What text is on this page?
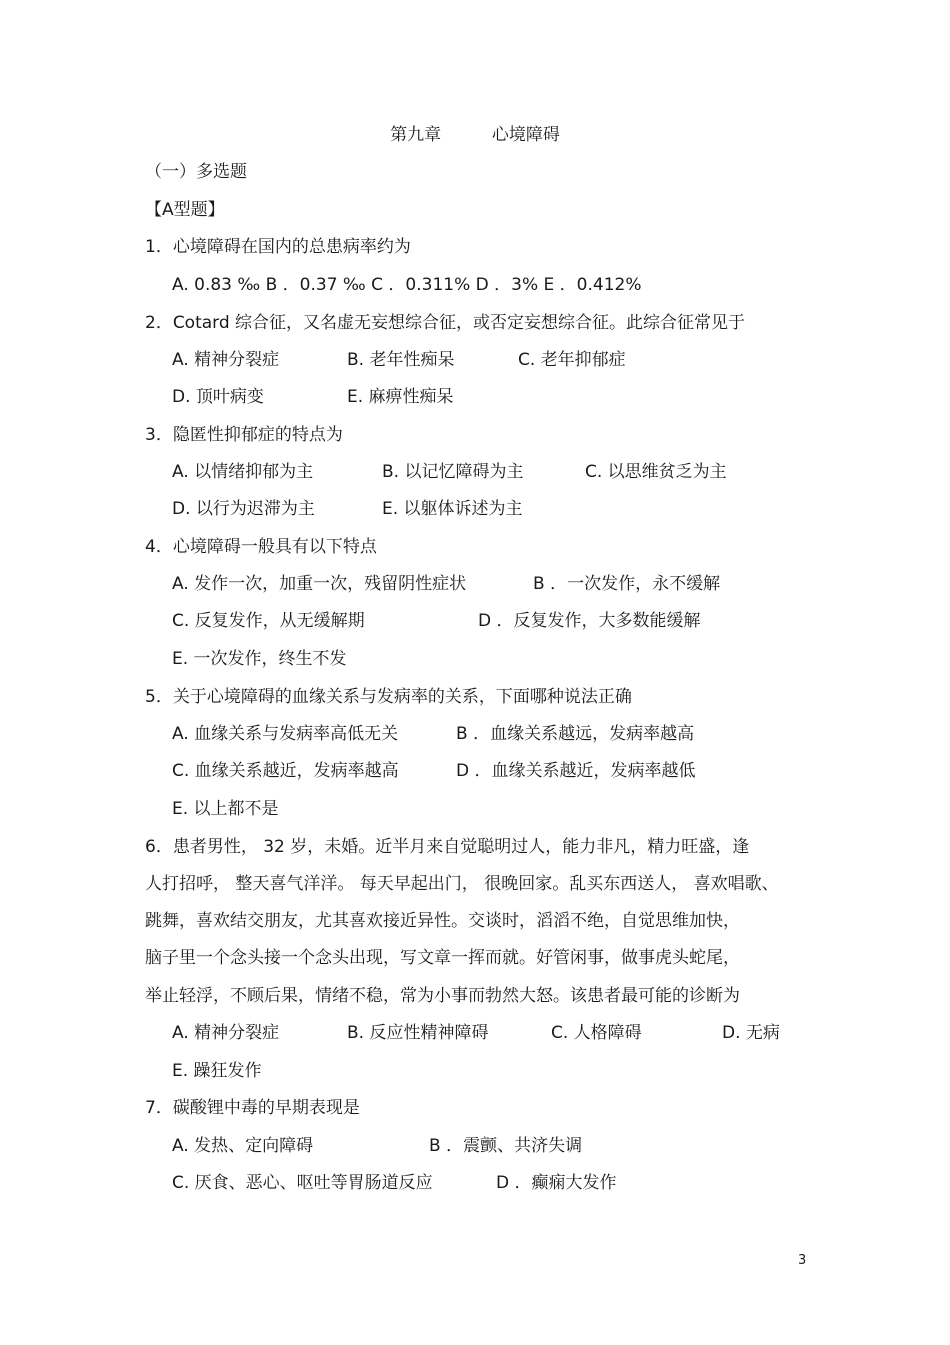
第九章	心境障碍
（一）多选题
【A型题】
1．心境障碍在国内的总患病率约为
A. 0.83 ‰ B ．0.37 ‰ C ．0.311% D ．3% E ．0.412%
2．Cotard 综合征，又名虚无妄想综合征，或否定妄想综合征。此综合征常见于
A. 精神分裂症	B. 老年性痴呆	C. 老年抑郁症
D. 顶叶病变	E. 麻痹性痴呆
3．隐匿性抑郁症的特点为
A. 以情绪抑郁为主	B. 以记忆障碍为主	C. 以思维贫乏为主
D. 以行为迟滞为主	E. 以躯体诉述为主
4．心境障碍一般具有以下特点
A. 发作一次，加重一次，残留阴性症状	B ．一次发作，永不缓解
C. 反复发作，从无缓解期	D ．反复发作，大多数能缓解
E. 一次发作，终生不发
5．关于心境障碍的血缘关系与发病率的关系，下面哪种说法正确
A. 血缘关系与发病率高低无关	B ．血缘关系越远，发病率越高
C. 血缘关系越近，发病率越高	D ．血缘关系越近，发病率越低
E. 以上都不是
6．患者男性， 32 岁，未婚。近半月来自觉聪明过人，能力非凡，精力旺盛，逢
人打招呼， 整天喜气洋洋。 每天早起出门， 很晚回家。乱买东西送人， 喜欢唱歌、
跳舞，喜欢结交朋友，尤其喜欢接近异性。交谈时，滔滔不绝，自觉思维加快，
脑子里一个念头接一个念头出现，写文章一挥而就。好管闲事，做事虎头蛇尾，
举止轻浮，不顾后果，情绪不稳，常为小事而勃然大怒。该患者最可能的诊断为
A. 精神分裂症	B. 反应性精神障碍	C. 人格障碍	D. 无病
E. 躁狂发作
7．碳酸锂中毒的早期表现是
A. 发热、定向障碍	B ．震颤、共济失调
C. 厌食、恶心、呕吐等胃肠道反应	D ．癫痫大发作
3
